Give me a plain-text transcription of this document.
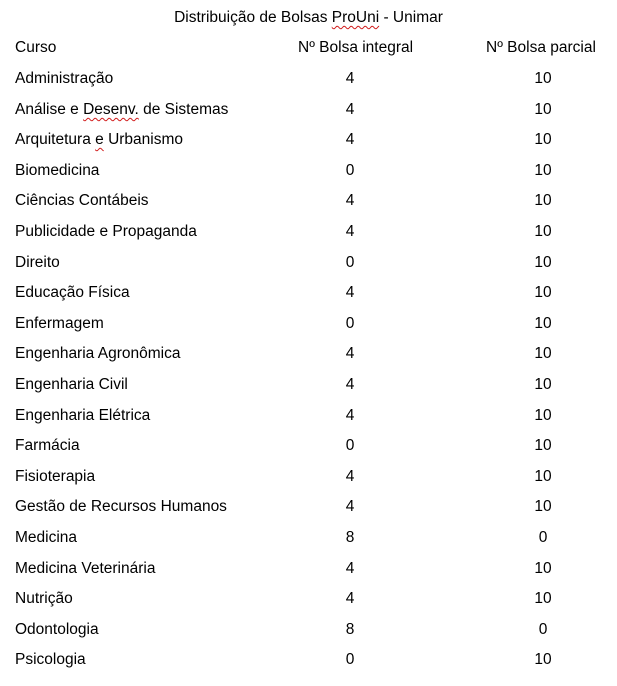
Distribuição de Bolsas ProUni - Unimar
Curso	Nº Bolsa integral	Nº Bolsa parcial
Administração	4	10
Análise e Desenv. de Sistemas	4	10
Arquitetura e Urbanismo	4	10
Biomedicina	0	10
Ciências Contábeis	4	10
Publicidade e Propaganda	4	10
Direito	0	10
Educação Física	4	10
Enfermagem	0	10
Engenharia Agronômica	4	10
Engenharia Civil	4	10
Engenharia Elétrica	4	10
Farmácia	0	10
Fisioterapia	4	10
Gestão de Recursos Humanos	4	10
Medicina	8	0
Medicina Veterinária	4	10
Nutrição	4	10
Odontologia	8	0
Psicologia	0	10
